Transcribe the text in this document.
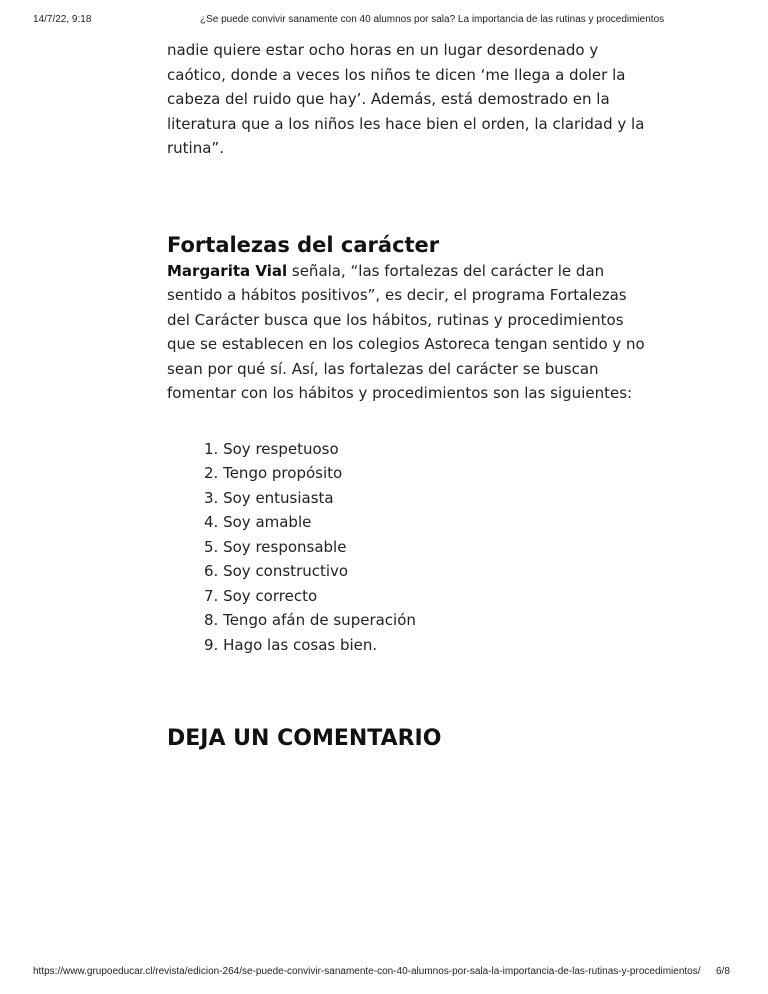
14/7/22, 9:18	¿Se puede convivir sanamente con 40 alumnos por sala? La importancia de las rutinas y procedimientos

nadie quiere estar ocho horas en un lugar desordenado y caótico, donde a veces los niños te dicen ‘me llega a doler la cabeza del ruido que hay’. Además, está demostrado en la literatura que a los niños les hace bien el orden, la claridad y la rutina”.

Fortalezas del carácter

Margarita Vial señala, “las fortalezas del carácter le dan sentido a hábitos positivos”, es decir, el programa Fortalezas del Carácter busca que los hábitos, rutinas y procedimientos que se establecen en los colegios Astoreca tengan sentido y no sean por qué sí. Así, las fortalezas del carácter se buscan fomentar con los hábitos y procedimientos son las siguientes:

1. Soy respetuoso
2. Tengo propósito
3. Soy entusiasta
4. Soy amable
5. Soy responsable
6. Soy constructivo
7. Soy correcto
8. Tengo afán de superación
9. Hago las cosas bien.
DEJA UN COMENTARIO
https://www.grupoeducar.cl/revista/edicion-264/se-puede-convivir-sanamente-con-40-alumnos-por-sala-la-importancia-de-las-rutinas-y-procedimientos/ 6/8
